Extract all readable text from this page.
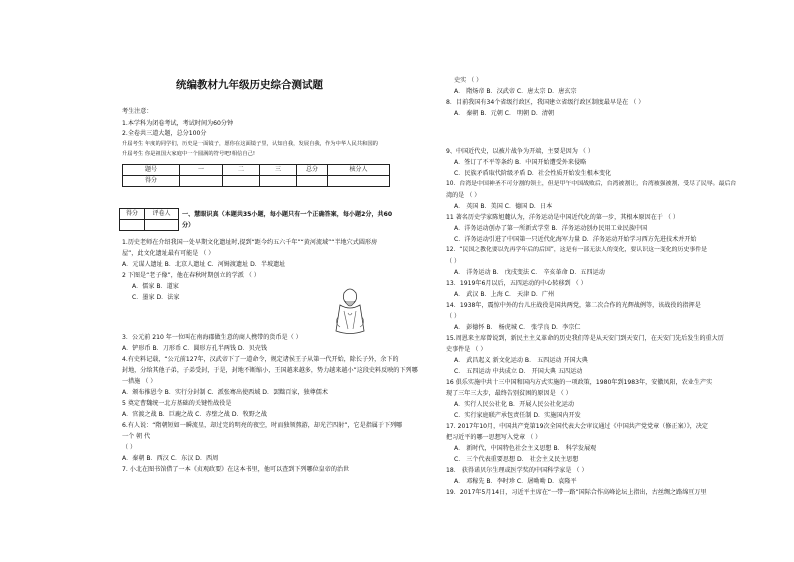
统编教材九年级历史综合测试题
考生注意：
1.本学科为闭卷考试，考试时间为60分钟
2.全卷共三道大题，总分100分
升届考生 年度的同学们，历史是一面镜子，愿你在这面镜子里，认知自我，发展自我，作为中华人民共和国的
升届考生 你是祖国大家庭中一个圆满的符号吧!相信自己!
题号	一	二	三	总分	核分人
得分					
得分	评卷人
	一、慧眼识真（本题共35小题，每小题只有一个正确答案，每小题2分，共60
分）
1.历史老师在介绍我国一处早期文化遗址时,提到“距今约五六千年”“黄河流域”“半地穴式圆形房
屋”，此文化遗址最有可能是 （ ）
A．元谋人遗址 B．北京人遗址 C．河姆渡遗址 D．半坡遗址
2 下图是“老子像”，他在春秋时期创立的学派 （ ）
A．儒家 B．道家
C．墨家 D．法家
3．公元前 210 年一位叫在南海郡做生意的商人携带的货币是（ ）
A．铲形币 B．刀形币 C．圆形方孔半两钱 D．贝壳钱
4.有史料记载，“公元前127年，汉武帝下了一道命令，规定诸侯王子从第一代开始，除长子外，余下的
封地，分给其他子弟，子弟受封，于是，封地不断缩小，王国越来越多，势力越来越小”这段史料反映的下列哪
一措施 （ ）
A．颁布推恩令 B．实行分封制 C．派张骞出使西域 D．罢黜百家，独尊儒术
5 奠定曹魏统一北方基础的关键性战役是
A．官渡之战 B．巨鹿之战 C．赤壁之战 D．牧野之战
6.有人说：“隋朝短如一瞬流星，却过完的明亮的夜空，时而独领熬游，却光芒四射”，它是指属于下列哪
一个 朝 代
（ ）
A．秦朝 B．西汉 C．东汉 D．西周
7. 小北在图书馆借了一本《贞观政要》在这本书里，他可以查到下列哪位皇帝的治世
史实 （ ）
A． 隋炀帝 B．汉武帝 C．唐太宗 D．唐玄宗
8．目前我国有34个省级行政区，我国建立省级行政区制度最早是在 （ ）
A． 秦朝 B．元朝 C． 明朝 D．清朝
9、中国近代史，以被片战争为开端，主要是因为 （ ）
A．签订了不平等条约 B．中国开始遭受外来侵略
C．民族矛盾取代阶级矛盾 D．社会性质开始发生根本变化
10．台湾是中国神圣不可分割的领土，但是甲午中国战败后，台湾被割让，台湾被强被割，受尽了民辱。最后台
湾的是 （ ）
A． 英国 B．美国 C．德国 D．日本
11 著名历史学家陈旭麓认为，洋务运动是中国近代化的第一步，其根本原因在于 （ ）
A．洋务运动创办了第一所新式学堂 B．洋务运动创办民用工业民族中国
C．洋务运动引进了中国第一只近代化海军力量 D．洋务运动开始学习西方先进技术并开始
12．“民国之教化要以先再学年后的后国”，这是有一部无法人的变化，要认识这一变化的历史事件是
（ ）
A． 洋务运动 B． 戊戌变法 C． 辛亥革命 D．五四运动
13．1919年6月以后，五四运动的中心转移到 （ ）
A． 武汉 B．上海 C． 天津 D．广州
14．1938年，震惊中外的台儿庄战役是国共两党，第二次合作的光辉战例等，该战役的指挥是
（ ）
A． 彭德怀 B． 杨虎城 C． 张学良 D．李宗仁
15.周恩来主席曾说到，新民主主义革命的历史我们等是从天安门到天安门，在天安门先后发生的重大历
史事件是 （ ）
A． 武昌起义 新文化运动 B． 五四运动 开国大典
C． 五四运动 中共成立 D． 开国大典 五四运动
16 俱乐实施中共十三中国和国内方式实施的一项政策，1980年到1983年，安徽凤阳，农业生产实
现了三年三大步，最终告别贫困的原因是 （ ）
A．实行人民公社化 B．开展人民公社化运动
C．实行家庭联产承包责任制 D．实施国内开发
17. 2017年10月，中国共产党第19次全国代表大会审议通过《中国共产党党章（修正案）》，决定
把习近平的哪一思想写入党章 （ ）
A． 新时代，中国特色社会主义思想 B． 科学发展观
C． 三个代表重要思想 D． 社会主义民主思想
18． 获得诺贝尔生理或医学奖的中国科学家是 （ ）
A． 邓稼先 B．李时珍 C．屠呦呦 D．袁隆平
19．2017年5月14日，习近平主席在“一带一路”国际合作高峰论坛上指出，古丝绸之路绵亘万里
